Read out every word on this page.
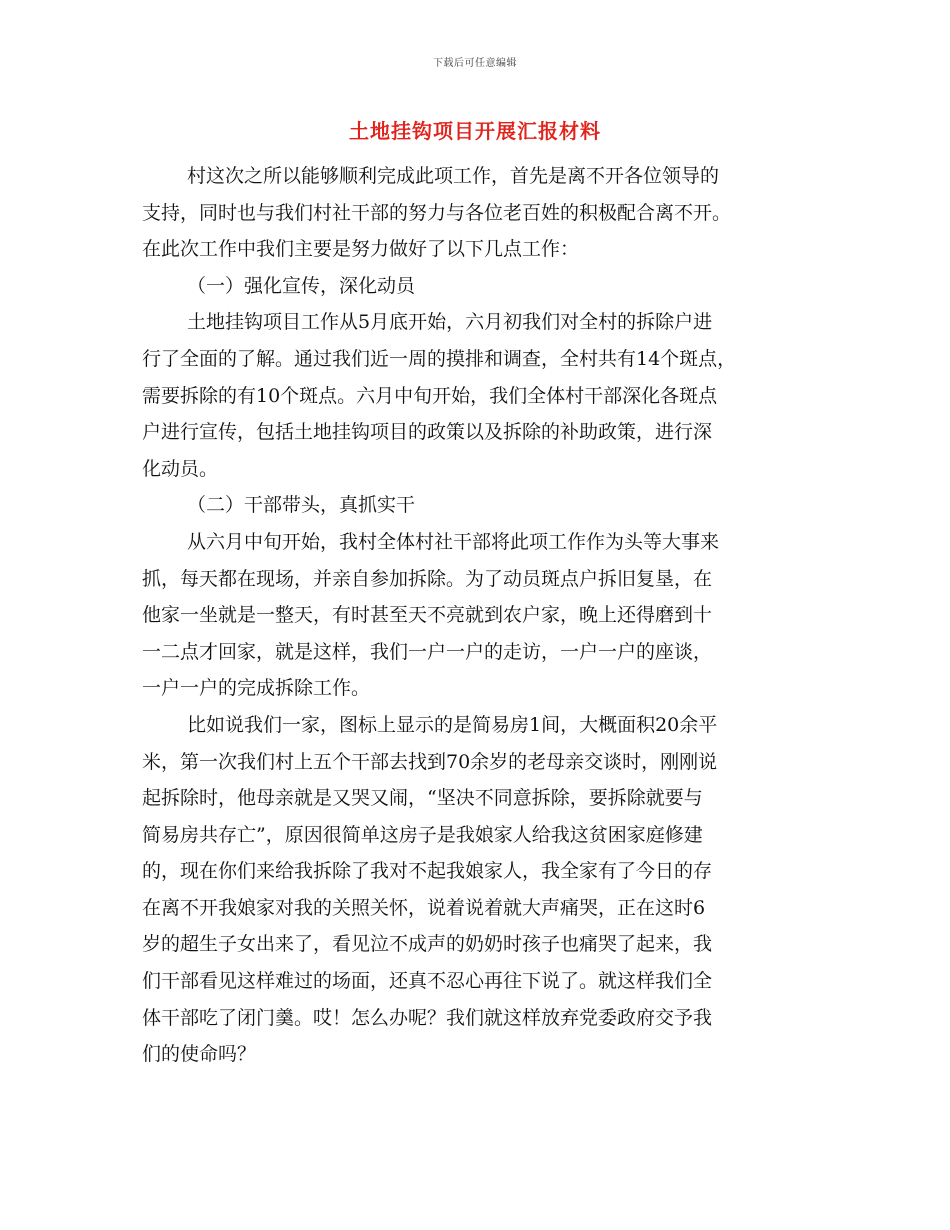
下载后可任意编辑
土地挂钩项目开展汇报材料
村这次之所以能够顺利完成此项工作，首先是离不开各位领导的
支持，同时也与我们村社干部的努力与各位老百姓的积极配合离不开。
在此次工作中我们主要是努力做好了以下几点工作：
（一）强化宣传，深化动员
土地挂钩项目工作从5月底开始，六月初我们对全村的拆除户进
行了全面的了解。通过我们近一周的摸排和调查，全村共有14个斑点，
需要拆除的有10个斑点。六月中旬开始，我们全体村干部深化各斑点
户进行宣传，包括土地挂钩项目的政策以及拆除的补助政策，进行深
化动员。
（二）干部带头，真抓实干
从六月中旬开始，我村全体村社干部将此项工作作为头等大事来
抓，每天都在现场，并亲自参加拆除。为了动员斑点户拆旧复垦，在
他家一坐就是一整天，有时甚至天不亮就到农户家，晚上还得磨到十
一二点才回家，就是这样，我们一户一户的走访，一户一户的座谈，
一户一户的完成拆除工作。
比如说我们一家，图标上显示的是简易房1间，大概面积20余平
米，第一次我们村上五个干部去找到70余岁的老母亲交谈时，刚刚说
起拆除时，他母亲就是又哭又闹，“坚决不同意拆除，要拆除就要与
简易房共存亡”，原因很简单这房子是我娘家人给我这贫困家庭修建
的，现在你们来给我拆除了我对不起我娘家人，我全家有了今日的存
在离不开我娘家对我的关照关怀，说着说着就大声痛哭，正在这时6
岁的超生子女出来了，看见泣不成声的奶奶时孩子也痛哭了起来，我
们干部看见这样难过的场面，还真不忍心再往下说了。就这样我们全
体干部吃了闭门羹。哎！怎么办呢？我们就这样放弃党委政府交予我
们的使命吗？
